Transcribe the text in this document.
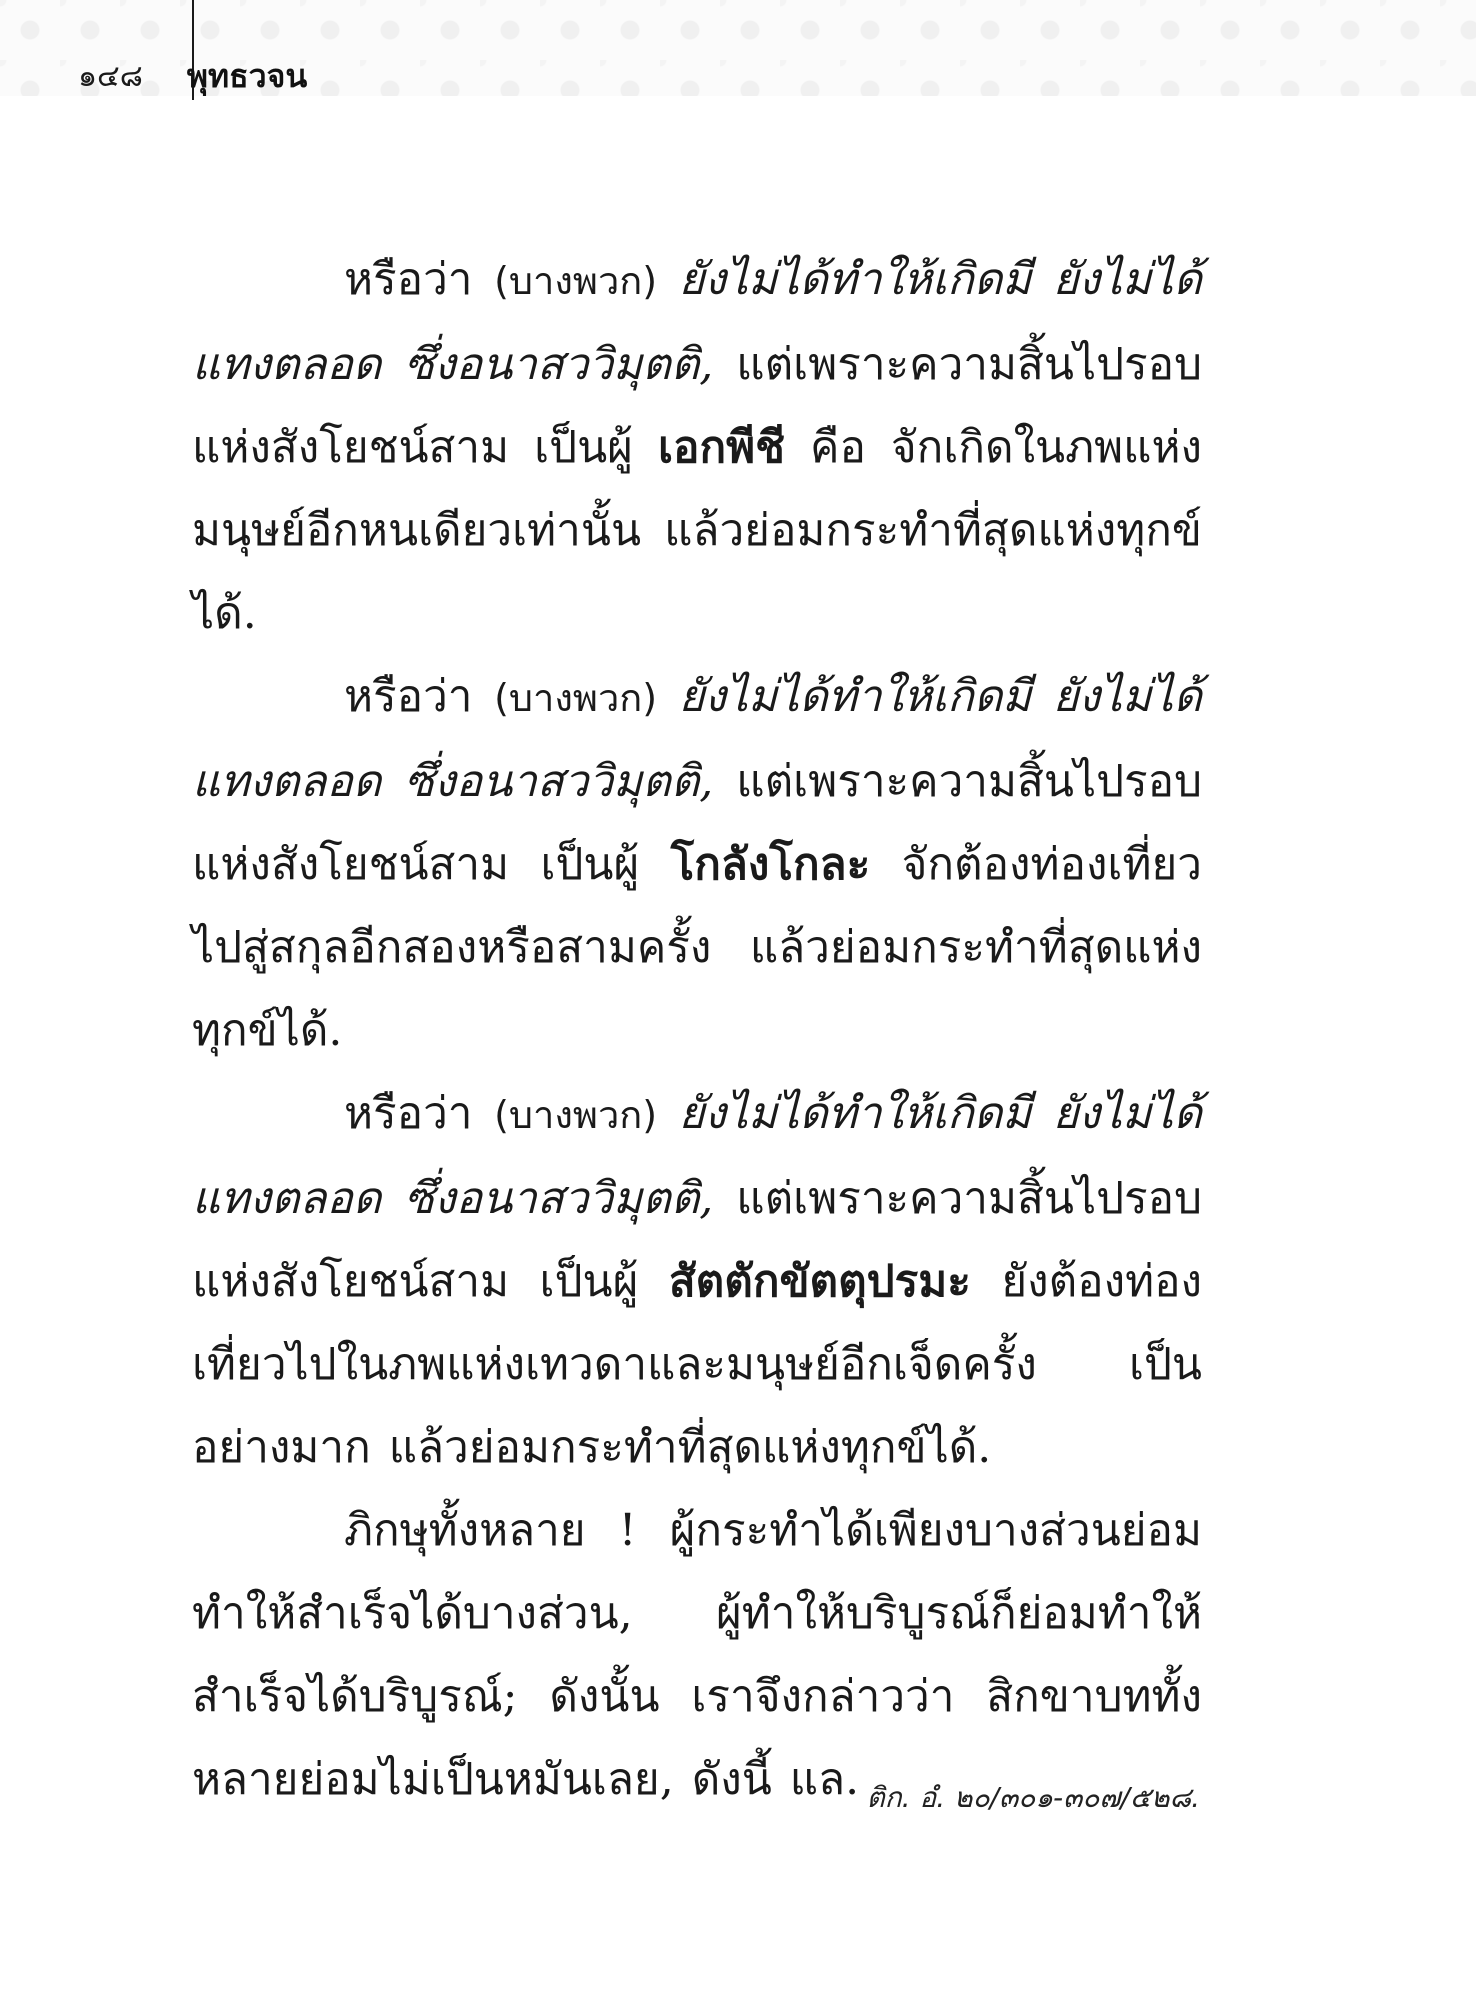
๑๔๘	พุทธวจน

หรือว่า (บางพวก) ยังไม่ได้ทำให้เกิดมี ยังไม่ได้แทงตลอด ซึ่งอนาสววิมุตติ, แต่เพราะความสิ้นไปรอบแห่งสังโยชน์สาม เป็นผู้ เอกพีชี คือ จักเกิดในภพแห่งมนุษย์อีกหนเดียวเท่านั้น แล้วย่อมกระทำที่สุดแห่งทุกข์ได้.

หรือว่า (บางพวก) ยังไม่ได้ทำให้เกิดมี ยังไม่ได้แทงตลอด ซึ่งอนาสววิมุตติ, แต่เพราะความสิ้นไปรอบแห่งสังโยชน์สาม เป็นผู้ โกลังโกละ จักต้องท่องเที่ยวไปสู่สกุลอีกสองหรือสามครั้ง แล้วย่อมกระทำที่สุดแห่งทุกข์ได้.

หรือว่า (บางพวก) ยังไม่ได้ทำให้เกิดมี ยังไม่ได้แทงตลอด ซึ่งอนาสววิมุตติ, แต่เพราะความสิ้นไปรอบแห่งสังโยชน์สาม เป็นผู้ สัตตักขัตตุปรมะ ยังต้องท่องเที่ยวไปในภพแห่งเทวดาและมนุษย์อีกเจ็ดครั้ง เป็นอย่างมาก แล้วย่อมกระทำที่สุดแห่งทุกข์ได้.

ภิกษุทั้งหลาย ! ผู้กระทำได้เพียงบางส่วนย่อมทำให้สำเร็จได้บางส่วน, ผู้ทำให้บริบูรณ์ก็ย่อมทำให้สำเร็จได้บริบูรณ์; ดังนั้น เราจึงกล่าวว่า สิกขาบททั้งหลายย่อมไม่เป็นหมันเลย, ดังนี้ แล. ติก. อํ. ๒๐/๓๐๑-๓๐๗/๕๒๘.
